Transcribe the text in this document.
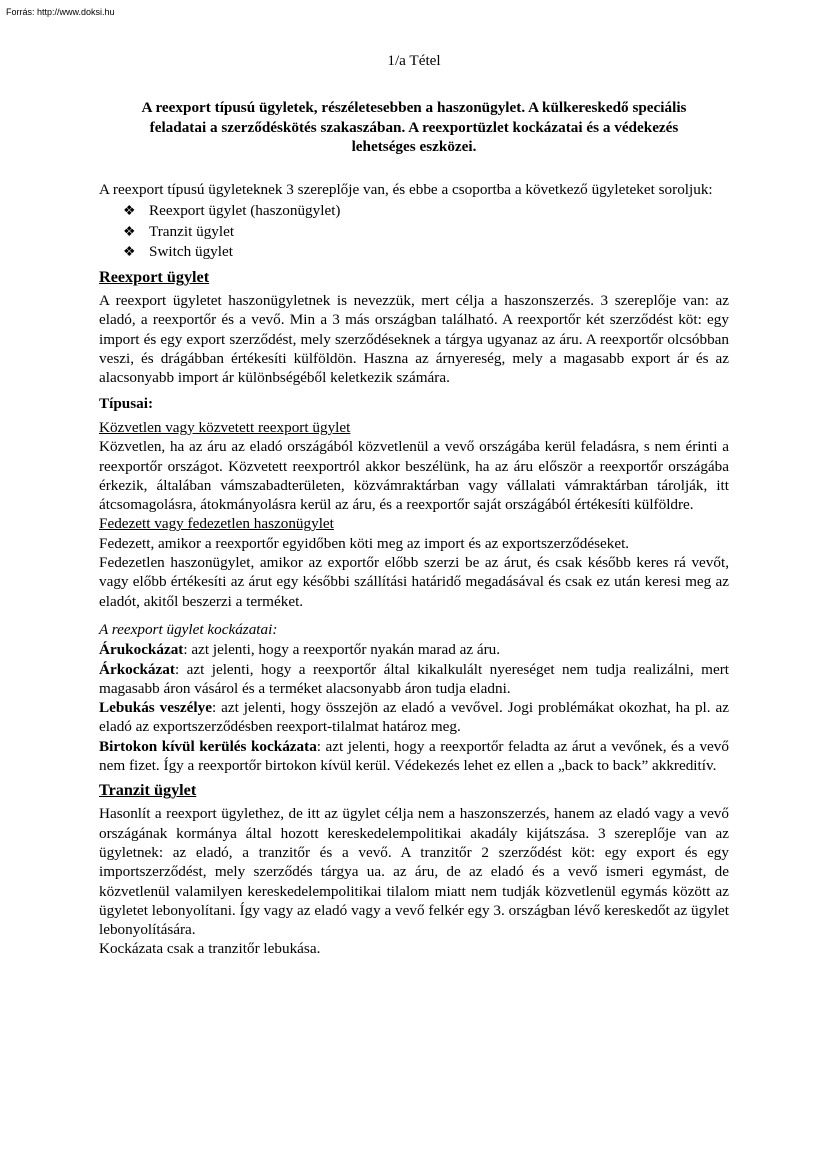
Forrás: http://www.doksi.hu
1/a Tétel
A reexport típusú ügyletek, részéletesebben a haszonügylet. A külkereskedő speciális
feladatai a szerződéskötés szakaszában. A reexportüzlet kockázatai és a védekezés
lehetséges eszközei.

A reexport típusú ügyleteknek 3 szereplője van, és ebbe a csoportba a következő ügyleteket soroljuk:

❖ Reexport ügylet (haszonügylet)
❖ Tranzit ügylet
❖ Switch ügylet
Reexport ügylet

A reexport ügyletet haszonügyletnek is nevezzük, mert célja a haszonszerzés. 3 szereplője van: az eladó, a reexportőr és a vevő. Min a 3 más országban található. A reexportőr két szerződést köt: egy import és egy export szerződést, mely szerződéseknek a tárgya ugyanaz az áru. A reexportőr olcsóbban veszi, és drágábban értékesíti külföldön. Haszna az árnyereség, mely a magasabb export ár és az alacsonyabb import ár különbségéből keletkezik számára.

Típusai:
Közvetlen vagy közvetett reexport ügylet

Közvetlen, ha az áru az eladó országából közvetlenül a vevő országába kerül feladásra, s nem érinti a reexportőr országot. Közvetett reexportról akkor beszélünk, ha az áru először a reexportőr országába érkezik, általában vámszabadterületen, közvámraktárban vagy vállalati vámraktárban tárolják, itt átcsomagolásra, átokmányolásra kerül az áru, és a reexportőr saját országából értékesíti külföldre.

Fedezett vagy fedezetlen haszonügylet

Fedezett, amikor a reexportőr egyidőben köti meg az import és az exportszerződéseket.

Fedezetlen haszonügylet, amikor az exportőr előbb szerzi be az árut, és csak később keres rá vevőt, vagy előbb értékesíti az árut egy későbbi szállítási határidő megadásával és csak ez után keresi meg az eladót, akitől beszerzi a terméket.

A reexport ügylet kockázatai:

Árukockázat: azt jelenti, hogy a reexportőr nyakán marad az áru.

Árkockázat: azt jelenti, hogy a reexportőr által kikalkulált nyereséget nem tudja realizálni, mert magasabb áron vásárol és a terméket alacsonyabb áron tudja eladni.

Lebukás veszélye: azt jelenti, hogy összejön az eladó a vevővel. Jogi problémákat okozhat, ha pl. az eladó az exportszerződésben reexport-tilalmat határoz meg.

Birtokon kívül kerülés kockázata: azt jelenti, hogy a reexportőr feladta az árut a vevőnek, és a vevő nem fizet. Így a reexportőr birtokon kívül kerül. Védekezés lehet ez ellen a „back to back” akkreditív.

Tranzit ügylet

Hasonlít a reexport ügylethez, de itt az ügylet célja nem a haszonszerzés, hanem az eladó vagy a vevő országának kormánya által hozott kereskedelempolitikai akadály kijátszása. 3 szereplője van az ügyletnek: az eladó, a tranzitőr és a vevő. A tranzitőr 2 szerződést köt: egy export és egy importszerződést, mely szerződés tárgya ua. az áru, de az eladó és a vevő ismeri egymást, de közvetlenül valamilyen kereskedelempolitikai tilalom miatt nem tudják közvetlenül egymás között az ügyletet lebonyolítani. Így vagy az eladó vagy a vevő felkér egy 3. országban lévő kereskedőt az ügylet lebonyolítására.

Kockázata csak a tranzitőr lebukása.
